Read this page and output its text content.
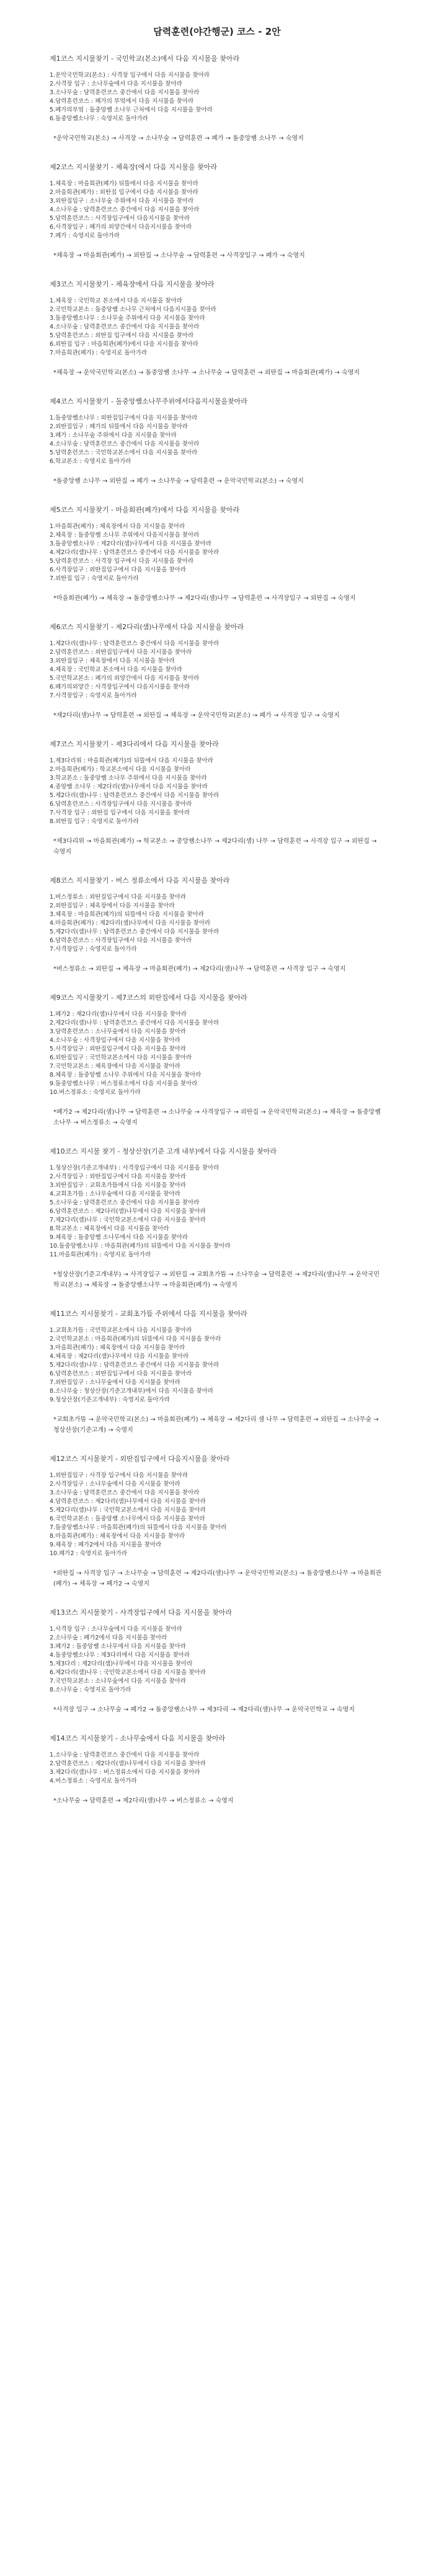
담력훈련(야간행군) 코스 - 2안

제1코스 지시물찾기 - 국민학교(본소)에서 다음 지시물을 찾아라

1.운악국민학교(본소) : 사격장 입구에서 다음 지시물을 찾아라
2.사격장 입구 : 소나무숲에서 다음 지시물을 찾아라
3.소나무숲 : 담력훈련코스 중간에서 다음 지시물을 찾아라
4.담력훈련코스 : 폐가의 부엌에서 다음 지시물을 찾아라
5.폐가의부엌 : 돌중앙쌤 소나무 근처에서 다음 지시물을 찾아라
6.돌중앙쌤소나무 : 숙영지로 돌아가라

*운악국민학교(본소) → 사격장 → 소나무숲 → 담력훈련 → 폐가 → 돌중앙쌤 소나무 → 숙영지

제2코스 지시물찾기 - 체육장(에서 다음 지시물을 찾아라

1.체육장 : 마을회관(폐가) 뒤뜰에서 다음 지시물을 찾아라
2.마을회관(폐가) : 외딴집 입구에서 다음 지시물을 찾아라
3.외딴집입구 : 소나무숲 주위에서 다음 지시물을 찾아라
4.소나무숲 : 담력훈련코스 중간에서 다음 지시물을 찾아라
5.담력훈련코스 : 사격장입구에서 다음지시물을 찾아라
6.사격장입구 : 폐가의 외양간에서 다음지시물을 찾아라
7.폐가 : 숙영지로 돌아가라

*체육장 → 마을회관(폐가) → 외딴집 → 소나무숲 → 담력훈련 → 사격장입구 → 폐가 → 숙영지

제3코스 지시물찾기 - 체육장에서 다음 지시물을 찾아라

1.체육장 : 국민학교 본소에서 다음 지시물을 찾아라
2.국민학교본소 : 돌중앙쌤 소나무 근처에서 다음지시물을 찾아라
3.돌중앙쌤소나무 : 소나무숲 주위에서 다음 지시물을 찾아라
4.소나무숲 : 담력훈련코스 중간에서 다음 지시물을 찾아라
5.담력훈련코스 : 외딴집 입구에서 다음 지시물을 찾아라
6.외딴집 입구 : 마을회관(폐가)에서 다음 지시물을 찾아라
7.마을회관(폐가) : 숙영지로 돌아가라

*체육장 → 운악국민학교(본소) → 돌중앙쌤 소나무 → 소나무숲 → 담력훈련 → 외딴집 → 마을회관(폐가) → 숙영지

제4코스 지시물찾기 - 돌중앙쌤소나무주위에서다음지시물을찾아라

1.돌중앙쌤소나무 : 외딴집입구에서 다음 지시물을 찾아라
2.외딴집입구 : 폐가의 뒤뜰에서 다음 지시물을 찾아라
3.폐가 : 소나무숲 주위에서 다음 지시물을 찾아라
4.소나무숲 : 담력훈련코스 중간에서 다음 지시물을 찾아라
5.담력훈련코스 : 국민학교본소에서 다음 지시물을 찾아라
6.학교본소 : 숙영지로 돌아가라

*돌중앙쌤 소나무 → 외딴집 → 폐가 → 소나무숲 → 담력훈련 → 운악국민학교(본소) → 숙영지

제5코스 지시물찾기 - 마을회관(폐가)에서 다음 지시물을 찾아라

1.마을회관(폐가) : 체육장에서 다음 지시물을 찾아라
2.체육장 : 돌중앙쌤 소나무 주위에서 다음지시물을 찾아라
3.돌중앙쌤소나무 : 제2다리(샘)나무에서 다음 지시물을 찾아라
4.제2다리(샘)나무 : 담력훈련코스 중간에서 다음 지시물을 찾아라
5.담력훈련코스 : 사격장 입구에서 다음 지시물을 찾아라
6.사격장입구 : 외딴집입구에서 다음 지시물을 찾아라
7.외딴집 입구 : 숙영지로 돌아가라

*마을회관(폐가) → 체육장 → 돌중앙쌤소나무 → 제2다리(샘)나무 → 담력훈련 → 사격장입구 → 외딴집 → 숙영지

제6코스 지시물찾기 - 제2다리(샘)나무에서 다음 지시물을 찾아라

1.제2다리(샘)나무 : 담력훈련코스 중간에서 다음 지시물을 찾아라
2.담력훈련코스 : 외딴집입구에서 다음 지시물을 찾아라
3.외딴집입구 : 체육장에서 다음 지시물을 찾아라
4.체육장 : 국민학교 본소에서 다음 지시물을 찾아라
5.국민학교본소 : 폐가의 외양간에서 다음 지시물을 찾아라
6.폐가의외양간 : 사격장입구에서 다음지시물을 찾아라
7.사격장입구 : 숙영지로 돌아가라

*제2다리(샘)나무 → 담력훈련 → 외딴집 → 체육장 → 운악국민학교(본소) → 폐가 → 사격장 입구 → 숙영지

제7코스 지시물찾기 - 제3다리에서 다음 지시물을 찾아라

1.제3다리위 : 마을회관(폐가)의 뒤뜰에서 다음 지시물을 찾아라
2.마을회관(폐가) : 학교본소에서 다음 지시물을 찾아라
3.학교본소 : 돌중앙쌤 소나무 주위에서 다음 지시물을 찾아라
4.중앙쌤 소나무 : 제2다리(샘)나무에서 다음 지시물을 찾아라
5.제2다리(샘)나무 : 담력훈련코스 중간에서 다음 지시물을 찾아라
6.담력훈련코스 : 사격장입구에서 다음 지시물을 찾아라
7.사격장 입구 : 외딴집 입구에서 다음 지시물을 찾아라
8.외딴집 입구 : 숙영지로 돌아가라

*제3다리위 → 마을회관(폐가) → 학교본소 → 중앙쌤소나무 → 제2다리(샘) 나무 → 담력훈련 → 사격장 입구 → 외딴집 → 숙영지

제8코스 지시물찾기 - 버스 정류소에서 다음 지시물을 찾아라

1.버스정류소 : 외딴집입구에서 다음 지시물을 찾아라
2.외딴집입구 : 체육장에서 다음 지시물을 찾아라
3.체육장 : 마을회관(폐가)의 뒤뜰에서 다음 지시물을 찾아라
4.마을회관(폐가) : 제2다리(샘)나무에서 다음 지시물을 찾아라
5.제2다리(샘)나무 : 담력훈련코스 중간에서 다음 지시물을 찾아라
6.담력훈련코스 : 사격장입구에서 다음 지시물을 찾아라
7.사격장입구 : 숙영지로 돌아가라

*버스정류소 → 외딴집 → 체육장 → 마을회관(폐가) → 제2다리(샘)나무 → 담력훈련 → 사격장 입구 → 숙영지

제9코스 지시물찾기 - 제7코스의 외딴집에서 다음 지시물을 찾아라

1.폐가2 : 제2다리(샘)나무에서 다음 지시물을 찾아라
2.제2다리(샘)나무 : 담력훈련코스 중간에서 다음 지시물을 찾아라
3.담력훈련코스 : 소나무숲에서 다음 지시물을 찾아라
4.소나무숲 : 사격장입구에서 다음 지시물을 찾아라
5.사격장입구 : 외딴집입구에서 다음 지시물을 찾아라
6.외딴집입구 : 국민학교본소에서 다음 지시물을 찾아라
7.국민학교본소 : 체육장에서 다음 지시물을 찾아라
8.체육장 : 돌중앙쌤 소나무 주위에서 다음 지시물을 찾아라
9.돌중앙쌤소나무 : 버스정류소에서 다음 지시물을 찾아라
10.버스정류소 : 숙영지로 돌아가라

*폐가2 → 제2다리(샘)나무 → 담력훈련 → 소나무숲 → 사격장입구 → 외딴집 → 운악국민학교(본소) → 체육장 → 돌중앙쌤소나무 → 버스정류소 → 숙영지

제10코스 지시물 찾기 - 청상산장(기준 고개 내부)에서 다음 지시물을 찾아라

1.청상산장(기준고개내부) : 사격장입구에서 다음 지시물을 찾아라
2.사격장입구 : 외딴집입구에서 다음 지시물을 찾아라
3.외딴집입구 : 교회초가뜸에서 다음 지시물을 찾아라
4.교회초가뜸 : 소나무숲에서 다음 지시물을 찾아라
5.소나무숲 : 담력훈련코스 중간에서 다음 지시물을 찾아라
6.담력훈련코스 : 제2다리(샘)나무에서 다음 지시물을 찾아라
7.제2다리(샘)나무 : 국민학교본소에서 다음 지시물을 찾아라
8.학교본소 : 체육장에서 다음 지시물을 찾아라
9.체육장 : 돌중앙쌤 소나무에서 다음 지시물을 찾아라
10.돌중앙쌤소나무 : 마을회관(폐가)의 뒤뜰에서 다음 지시물을 찾아라
11.마을회관(폐가) : 숙영지로 돌아가라

*청상산장(기준고개내부) → 사격장입구 → 외딴집 → 교회초가뜸 → 소나무숲 → 담력훈련 → 제2다리(샘)나무 → 운악국민학교(본소) → 체육장 → 돌중앙쌤소나무 → 마을회관(폐가) → 숙영지

제11코스 지시물찾기 - 교회초가뜸 주위에서 다음 지시물을 찾아라

1.교회초가뜸 : 국민학교본소에서 다음 지시물을 찾아라
2.국민학교본소 : 마을회관(폐가)의 뒤뜰에서 다음 지시물을 찾아라
3.마을회관(폐가) : 체육장에서 다음 지시물을 찾아라
4.체육장 : 제2다리(샘)나무에서 다음 지시물을 찾아라
5.제2다리(샘)나무 : 담력훈련코스 중간에서 다음 지시물을 찾아라
6.담력훈련코스 : 외딴집입구에서 다음 지시물을 찾아라
7.외딴집입구 : 소나무숲에서 다음 지시물을 찾아라
8.소나무숲 : 청상산장(기준고개내부)에서 다음 지시물을 찾아라
9.청상산장(기준고개내부) : 숙영지로 돌아가라

*교회초가뜸 → 운악국민학교(본소) → 마을회관(폐가) → 체육장 → 제2다리 샘 나무 → 담력훈련 → 외딴집 → 소나무숲 → 청상산장(기준고개) → 숙영지

제12코스 지시물찾기 - 외딴집입구에서 다음지시물을 찾아라

1.외딴집입구 : 사격장 입구에서 다음 지시물을 찾아라
2.사격장입구 : 소나무숲에서 다음 지시물을 찾아라
3.소나무숲 : 담력훈련코스 중간에서 다음 지시물을 찾아라
4.담력훈련코스 : 제2다리(샘)나무에서 다음 지시물을 찾아라
5.제2다리(샘)나무 : 국민학교본소에서 다음 지시물을 찾아라
6.국민학교본소 : 돌중앙쌤 소나무에서 다음 지시물을 찾아라
7.돌중앙쌤소나무 : 마을회관(폐가)의 뒤뜰에서 다음 지시물을 찾아라
8.마을회관(폐가) : 체육장에서 다음 지시물을 찾아라
9.체육장 : 폐가2에서 다음 지시물을 찾아라
10.폐가2 : 숙영지로 돌아가라

*외딴집 → 사격장 입구 → 소나무숲 → 담력훈련 → 제2다리(샘)나무 → 운악국민학교(본소) → 돌중앙쌤소나무 → 마을회관(폐가) → 체육장 → 폐가2 → 숙영지

제13코스 지시물찾기 - 사격장입구에서 다음 지시물을 찾아라

1.사격장 입구 : 소나무숲에서 다음 지시물을 찾아라
2.소나무숲 : 폐가2에서 다음 지시물을 찾아라
3.폐가2 : 돌중앙쌤 소나무에서 다음 지시물을 찾아라
4.돌중앙쌤소나무 : 제3다리에서 다음 지시물을 찾아라
5.제3다리 : 제2다리(샘)나무에서 다음 지시물을 찾아라
6.제2다리(샘)나무 : 국민학교본소에서 다음 지시물을 찾아라
7.국민학교본소 : 소나무숲에서 다음 지시물을 찾아라
8.소나무숲 : 숙영지로 돌아가라

*사격장 입구 → 소나무숲 → 폐가2 → 돌중앙쌤소나무 → 제3다리 → 제2다리(샘)나무 → 운악국민학교 → 숙영지

제14코스 지시물찾기 - 소나무숲에서 다음 지시물을 찾아라

1.소나무숲 : 담력훈련코스 중간에서 다음 지시물을 찾아라
2.담력훈련코스 : 제2다리(샘)나무에서 다음 지시물을 찾아라
3.제2다리(샘)나무 : 버스정류소에서 다음 지시물을 찾아라
4.버스정류소 : 숙영지로 돌아가라

*소나무숲 → 담력훈련 → 제2다리(샘)나무 → 버스정류소 → 숙영지
